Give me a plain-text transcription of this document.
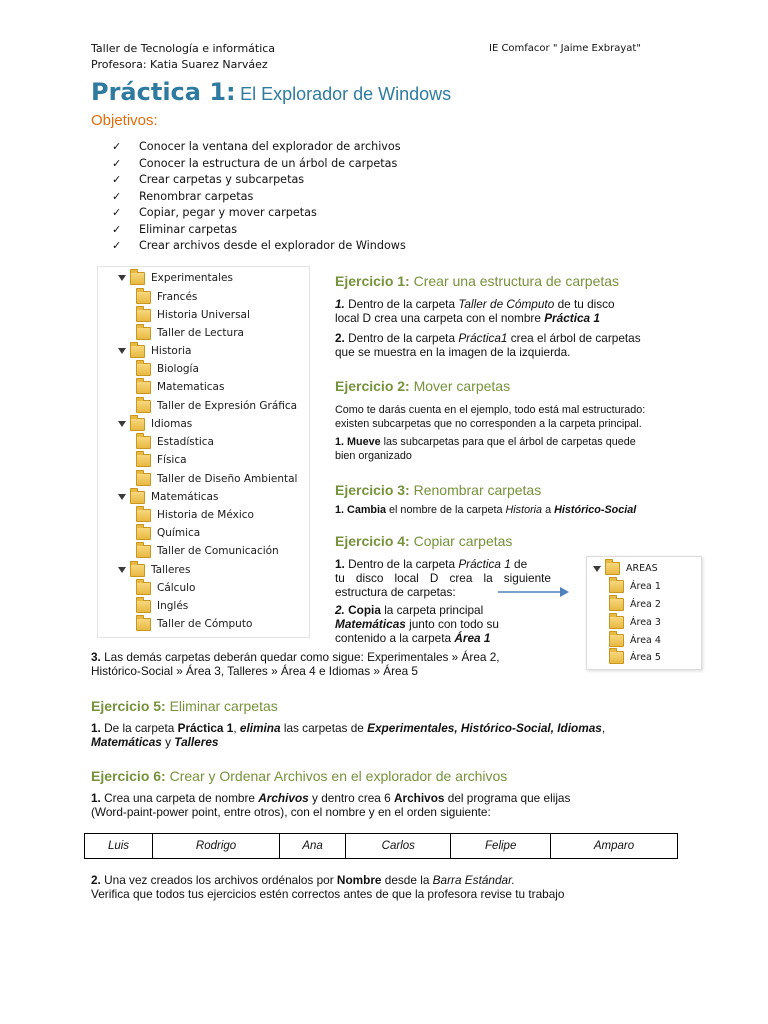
Taller de Tecnología e informática
Profesora: Katia Suarez Narváez
IE Comfacor " Jaime Exbrayat"
Práctica 1: El Explorador de Windows
Objetivos:
✓ Conocer la ventana del explorador de archivos
✓ Conocer la estructura de un árbol de carpetas
✓ Crear carpetas y subcarpetas
✓ Renombrar carpetas
✓ Copiar, pegar y mover carpetas
✓ Eliminar carpetas
✓ Crear archivos desde el explorador de Windows
Experimentales
Francés
Historia Universal
Taller de Lectura
Historia
Biología
Matematicas
Taller de Expresión Gráfica
Idiomas
Estadística
Física
Taller de Diseño Ambiental
Matemáticas
Historia de México
Química
Taller de Comunicación
Talleres
Cálculo
Inglés
Taller de Cómputo
Ejercicio 1: Crear una estructura de carpetas
1. Dentro de la carpeta Taller de Cómputo de tu disco
local D crea una carpeta con el nombre Práctica 1
2. Dentro de la carpeta Práctica1 crea el árbol de carpetas
que se muestra en la imagen de la izquierda.
Ejercicio 2: Mover carpetas
Como te darás cuenta en el ejemplo, todo está mal estructurado:
existen subcarpetas que no corresponden a la carpeta principal.
1. Mueve las subcarpetas para que el árbol de carpetas quede
bien organizado
Ejercicio 3: Renombrar carpetas
1. Cambia el nombre de la carpeta Historia a Histórico-Social
Ejercicio 4: Copiar carpetas
1. Dentro de la carpeta Práctica 1 de
tu disco local D crea la siguiente
estructura de carpetas:
2. Copia la carpeta principal
Matemáticas junto con todo su
contenido a la carpeta Área 1
AREAS
Área 1
Área 2
Área 3
Área 4
Área 5
3. Las demás carpetas deberán quedar como sigue: Experimentales » Área 2,
Histórico-Social » Área 3, Talleres » Área 4 e Idiomas » Área 5
Ejercicio 5: Eliminar carpetas
1. De la carpeta Práctica 1, elimina las carpetas de Experimentales, Histórico-Social, Idiomas,
Matemáticas y Talleres
Ejercicio 6: Crear y Ordenar Archivos en el explorador de archivos
1. Crea una carpeta de nombre Archivos y dentro crea 6 Archivos del programa que elijas
(Word-paint-power point, entre otros), con el nombre y en el orden siguiente:
Luis	Rodrigo	Ana	Carlos	Felipe	Amparo
2. Una vez creados los archivos ordénalos por Nombre desde la Barra Estándar.
Verifica que todos tus ejercicios estén correctos antes de que la profesora revise tu trabajo
